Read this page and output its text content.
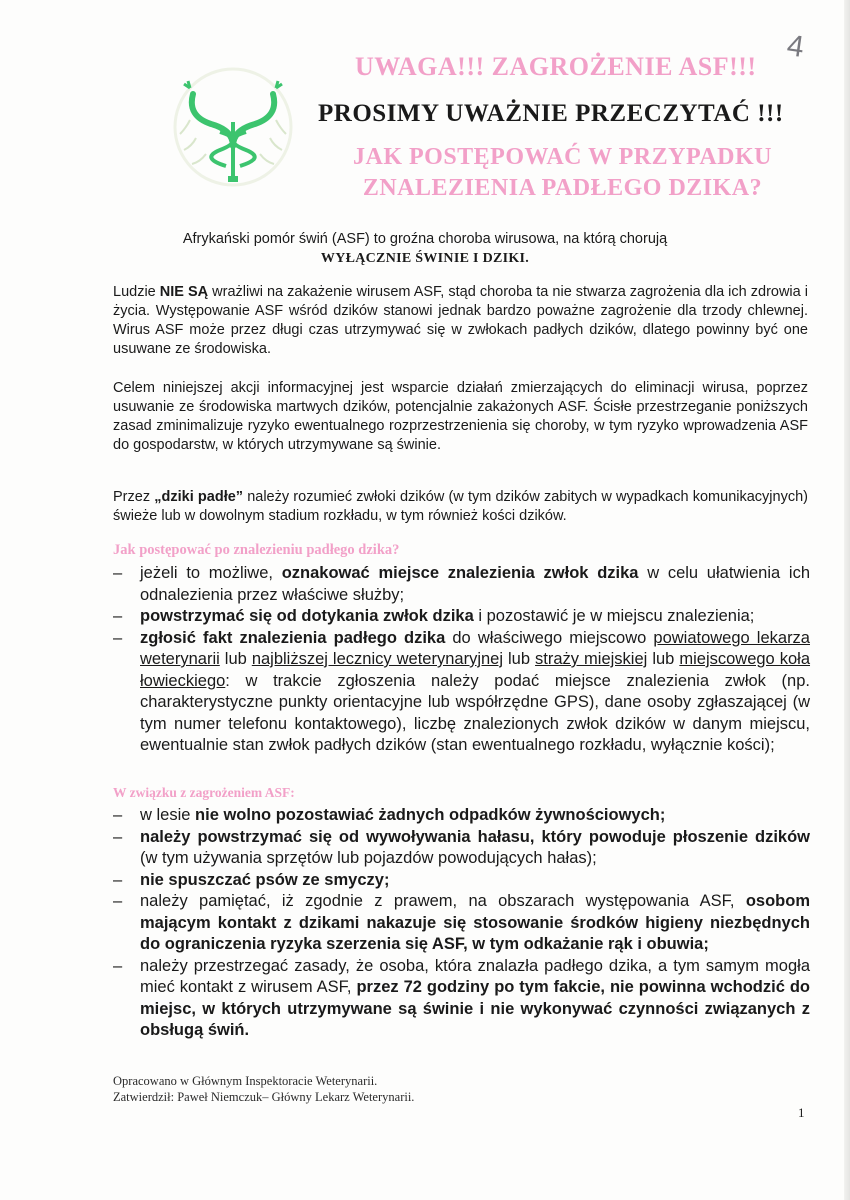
4
UWAGA!!! ZAGROŻENIE ASF!!!
PROSIMY UWAŻNIE PRZECZYTAĆ !!!
JAK POSTĘPOWAĆ W PRZYPADKU
ZNALEZIENIA PADŁEGO DZIKA?
Afrykański pomór świń (ASF) to groźna choroba wirusowa, na którą chorują
WYŁĄCZNIE ŚWINIE I DZIKI.
Ludzie NIE SĄ wrażliwi na zakażenie wirusem ASF, stąd choroba ta nie stwarza zagrożenia dla ich zdrowia i życia. Występowanie ASF wśród dzików stanowi jednak bardzo poważne zagrożenie dla trzody chlewnej. Wirus ASF może przez długi czas utrzymywać się w zwłokach padłych dzików, dlatego powinny być one usuwane ze środowiska.
Celem niniejszej akcji informacyjnej jest wsparcie działań zmierzających do eliminacji wirusa, poprzez usuwanie ze środowiska martwych dzików, potencjalnie zakażonych ASF. Ścisłe przestrzeganie poniższych zasad zminimalizuje ryzyko ewentualnego rozprzestrzenienia się choroby, w tym ryzyko wprowadzenia ASF do gospodarstw, w których utrzymywane są świnie.
Przez „dziki padłe” należy rozumieć zwłoki dzików (w tym dzików zabitych w wypadkach komunikacyjnych) świeże lub w dowolnym stadium rozkładu, w tym również kości dzików.
Jak postępować po znalezieniu padłego dzika?
– jeżeli to możliwe, oznakować miejsce znalezienia zwłok dzika w celu ułatwienia ich odnalezienia przez właściwe służby;
– powstrzymać się od dotykania zwłok dzika i pozostawić je w miejscu znalezienia;
– zgłosić fakt znalezienia padłego dzika do właściwego miejscowo powiatowego lekarza weterynarii lub najbliższej lecznicy weterynaryjnej lub straży miejskiej lub miejscowego koła łowieckiego: w trakcie zgłoszenia należy podać miejsce znalezienia zwłok (np. charakterystyczne punkty orientacyjne lub współrzędne GPS), dane osoby zgłaszającej (w tym numer telefonu kontaktowego), liczbę znalezionych zwłok dzików w danym miejscu, ewentualnie stan zwłok padłych dzików (stan ewentualnego rozkładu, wyłącznie kości);
W związku z zagrożeniem ASF:
– w lesie nie wolno pozostawiać żadnych odpadków żywnościowych;
– należy powstrzymać się od wywoływania hałasu, który powoduje płoszenie dzików (w tym używania sprzętów lub pojazdów powodujących hałas);
– nie spuszczać psów ze smyczy;
– należy pamiętać, iż zgodnie z prawem, na obszarach występowania ASF, osobom mającym kontakt z dzikami nakazuje się stosowanie środków higieny niezbędnych do ograniczenia ryzyka szerzenia się ASF, w tym odkażanie rąk i obuwia;
– należy przestrzegać zasady, że osoba, która znalazła padłego dzika, a tym samym mogła mieć kontakt z wirusem ASF, przez 72 godziny po tym fakcie, nie powinna wchodzić do miejsc, w których utrzymywane są świnie i nie wykonywać czynności związanych z obsługą świń.
Opracowano w Głównym Inspektoracie Weterynarii.
Zatwierdził: Paweł Niemczuk– Główny Lekarz Weterynarii.
1
